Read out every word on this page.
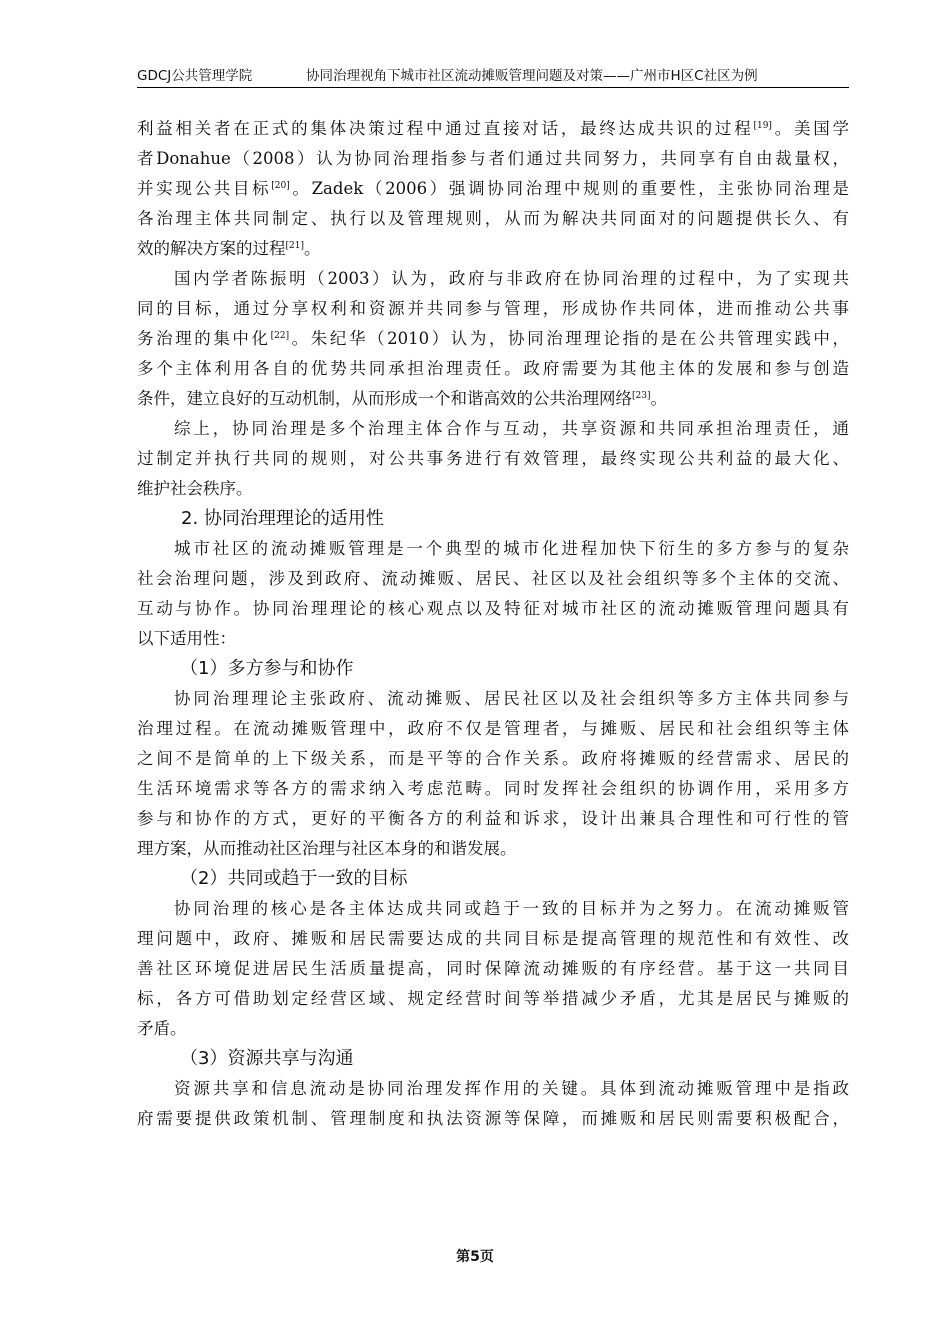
GDCJ公共管理学院	协同治理视角下城市社区流动摊贩管理问题及对策——广州市H区C社区为例
利益相关者在正式的集体决策过程中通过直接对话，最终达成共识的过程[19]。美国学
者Donahue（2008）认为协同治理指参与者们通过共同努力，共同享有自由裁量权，
并实现公共目标[20]。Zadek（2006）强调协同治理中规则的重要性，主张协同治理是
各治理主体共同制定、执行以及管理规则，从而为解决共同面对的问题提供长久、有
效的解决方案的过程[21]。
国内学者陈振明（2003）认为，政府与非政府在协同治理的过程中，为了实现共
同的目标，通过分享权利和资源并共同参与管理，形成协作共同体，进而推动公共事
务治理的集中化[22]。朱纪华（2010）认为，协同治理理论指的是在公共管理实践中，
多个主体利用各自的优势共同承担治理责任。政府需要为其他主体的发展和参与创造
条件，建立良好的互动机制，从而形成一个和谐高效的公共治理网络[23]。
综上，协同治理是多个治理主体合作与互动，共享资源和共同承担治理责任，通
过制定并执行共同的规则，对公共事务进行有效管理，最终实现公共利益的最大化、
维护社会秩序。
2. 协同治理理论的适用性
城市社区的流动摊贩管理是一个典型的城市化进程加快下衍生的多方参与的复杂
社会治理问题，涉及到政府、流动摊贩、居民、社区以及社会组织等多个主体的交流、
互动与协作。协同治理理论的核心观点以及特征对城市社区的流动摊贩管理问题具有
以下适用性：
（1）多方参与和协作
协同治理理论主张政府、流动摊贩、居民社区以及社会组织等多方主体共同参与
治理过程。在流动摊贩管理中，政府不仅是管理者，与摊贩、居民和社会组织等主体
之间不是简单的上下级关系，而是平等的合作关系。政府将摊贩的经营需求、居民的
生活环境需求等各方的需求纳入考虑范畴。同时发挥社会组织的协调作用，采用多方
参与和协作的方式，更好的平衡各方的利益和诉求，设计出兼具合理性和可行性的管
理方案，从而推动社区治理与社区本身的和谐发展。
（2）共同或趋于一致的目标
协同治理的核心是各主体达成共同或趋于一致的目标并为之努力。在流动摊贩管
理问题中，政府、摊贩和居民需要达成的共同目标是提高管理的规范性和有效性、改
善社区环境促进居民生活质量提高，同时保障流动摊贩的有序经营。基于这一共同目
标，各方可借助划定经营区域、规定经营时间等举措减少矛盾，尤其是居民与摊贩的
矛盾。
（3）资源共享与沟通
资源共享和信息流动是协同治理发挥作用的关键。具体到流动摊贩管理中是指政
府需要提供政策机制、管理制度和执法资源等保障，而摊贩和居民则需要积极配合，
第5页
